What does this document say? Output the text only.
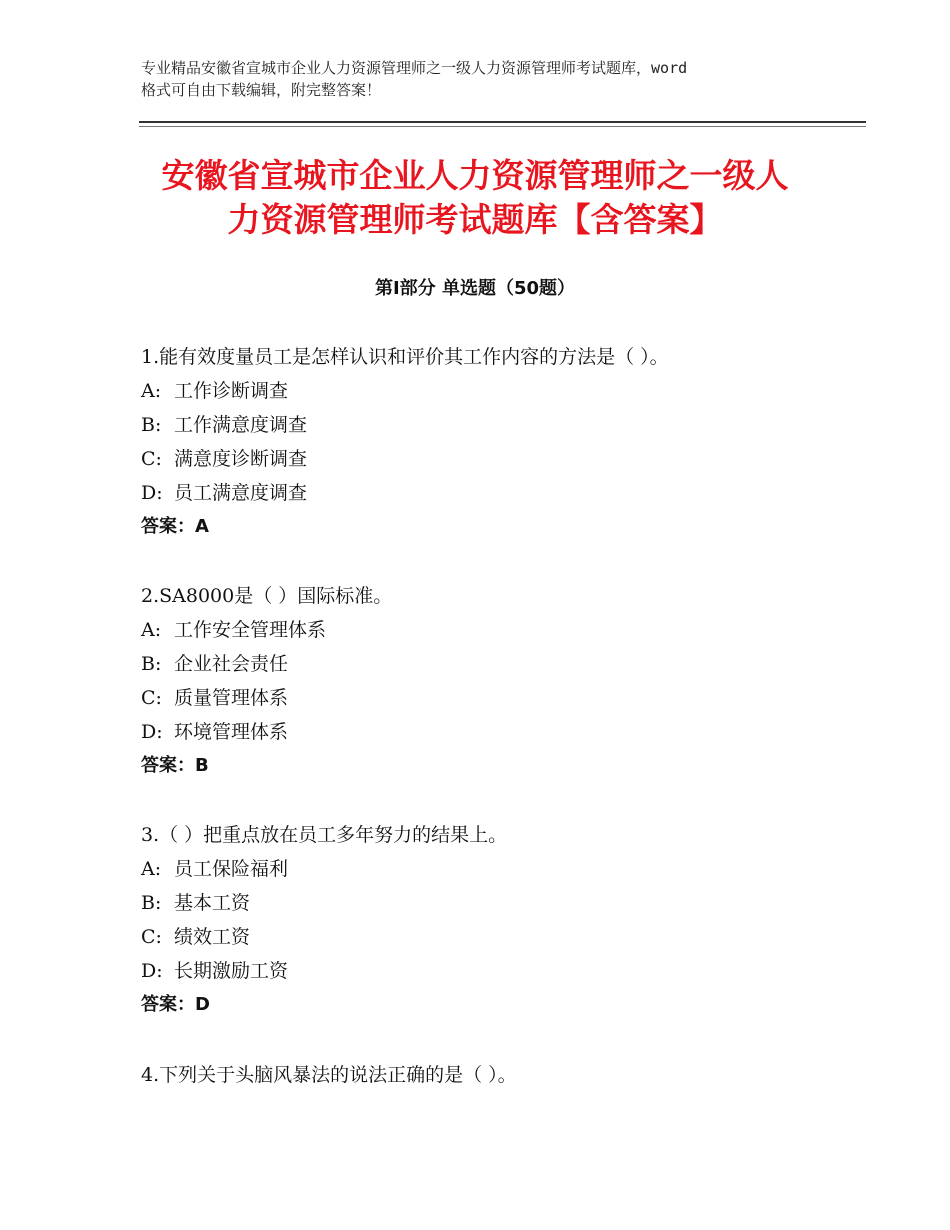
专业精品安徽省宣城市企业人力资源管理师之一级人力资源管理师考试题库，word
格式可自由下载编辑，附完整答案！
安徽省宣城市企业人力资源管理师之一级人
力资源管理师考试题库【含答案】
第Ⅰ部分 单选题（50题）
1.能有效度量员工是怎样认识和评价其工作内容的方法是（ ）。
A: 工作诊断调查
B: 工作满意度调查
C: 满意度诊断调查
D: 员工满意度调查
答案：A
2.SA8000是（ ）国际标准。
A: 工作安全管理体系
B: 企业社会责任
C: 质量管理体系
D: 环境管理体系
答案：B
3.（ ）把重点放在员工多年努力的结果上。
A: 员工保险福利
B: 基本工资
C: 绩效工资
D: 长期激励工资
答案：D
4.下列关于头脑风暴法的说法正确的是（ ）。
